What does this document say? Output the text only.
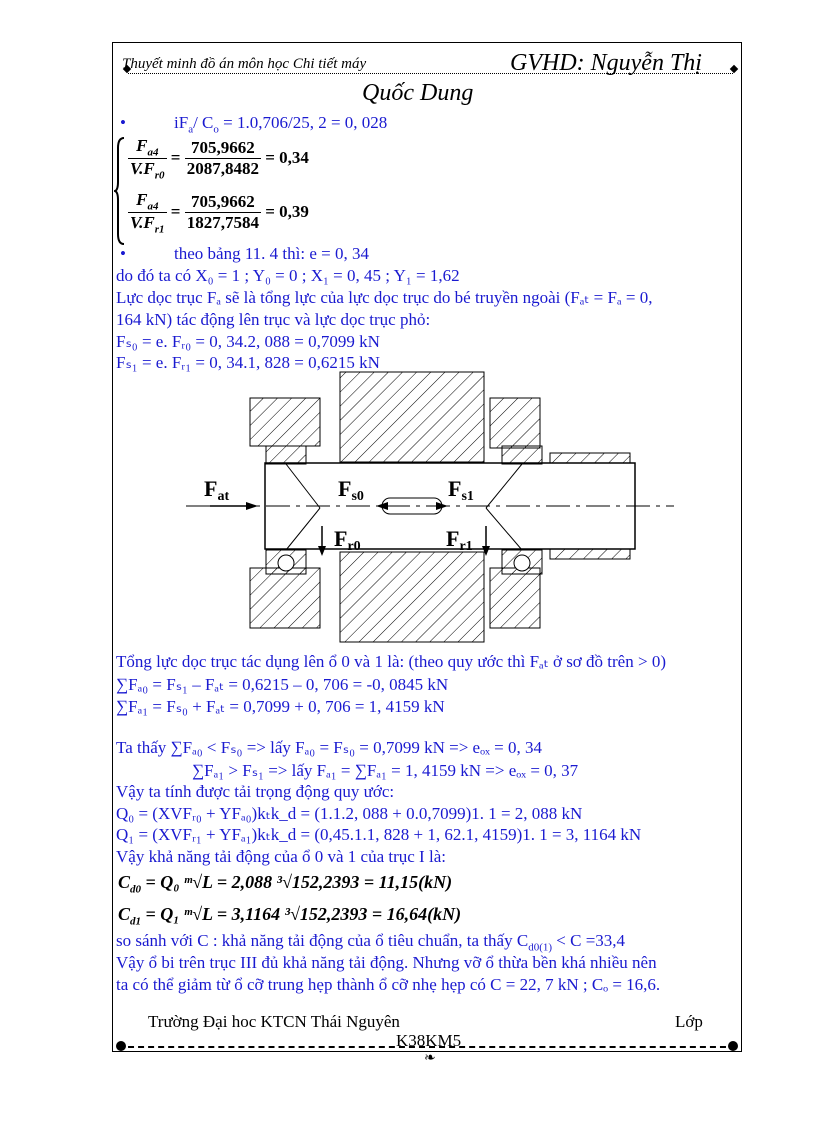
Thuyết minh đồ án môn học Chi tiết máy	GVHD: Nguyễn Thị
Quốc Dung
•	$iF_a/$ $C_o = 1.0,706/25$, 2 = 0, 028
$\frac{F_{a4}}{V.F_{r0}} = \frac{705,9662}{2087,8482} = 0,34$
$\frac{F_{a4}}{V.F_{r1}} = \frac{705,9662}{1827,7584} = 0,39$
•	theo bảng 11. 4 thì: e = 0, 34
do đó ta có X₀ = 1 ; Y₀ = 0 ; X₁ = 0, 45 ; Y₁ = 1,62
Lực dọc trục Fₐ sẽ là tổng lực của lực dọc trục do bé truyền ngoài (Fₐₜ = Fₐ = 0,
164 kN) tác động lên trục và lực dọc trục phỏ:
Fₛ₀ = e. Fᵣ₀ = 0, 34.2, 088 = 0,7099 kN
Fₛ₁ = e. Fᵣ₁ = 0, 34.1, 828 = 0,6215 kN
Fat	Fs0	Fs1
Fr0	Fr1
Tổng lực dọc trục tác dụng lên ổ 0 và 1 là: (theo quy ước thì Fₐₜ ở sơ đồ trên > 0)
∑Fₐ₀ = Fₛ₁ – Fₐₜ = 0,6215 – 0, 706 = -0, 0845 kN
∑Fₐ₁ = Fₛ₀ + Fₐₜ = 0,7099 + 0, 706 = 1, 4159 kN
Ta thấy ∑Fₐ₀ < Fₛ₀ => lấy Fₐ₀ = Fₛ₀ = 0,7099 kN => eₒₓ = 0, 34
∑Fₐ₁ > Fₛ₁ => lấy Fₐ₁ = ∑Fₐ₁ = 1, 4159 kN => eₒₓ = 0, 37
Vậy ta tính được tải trọng động quy ước:
Q₀ = (XVFᵣ₀ + YFₐ₀)kₜk_d = (1.1.2, 088 + 0.0,7099)1. 1 = 2, 088 kN
Q₁ = (XVFᵣ₁ + YFₐ₁)kₜk_d = (0,45.1.1, 828 + 1, 62.1, 4159)1. 1 = 3, 1164 kN
Vậy khả năng tải động của ổ 0 và 1 của trục I là:
$C_{d0} = Q_0$ ᵐ√L = 2,088 ³√152,2393 = 11,15(kN)
$C_{d1} = Q_1$ ᵐ√L = 3,1164 ³√152,2393 = 16,64(kN)
so sánh với C : khả năng tải động của ổ tiêu chuẩn, ta thấy $C_{d0(1)} < C =33,4$
Vậy ổ bi trên trục III đủ khả năng tải động. Nhưng vỡ ổ thừa bền khá nhiều nên
ta có thể giảm từ ổ cỡ trung hẹp thành ổ cỡ nhẹ hẹp có C = 22, 7 kN ; Cₒ = 16,6.
Trường Đại hoc KTCN Thái Nguyên	Lớp
K38KM5
❧
